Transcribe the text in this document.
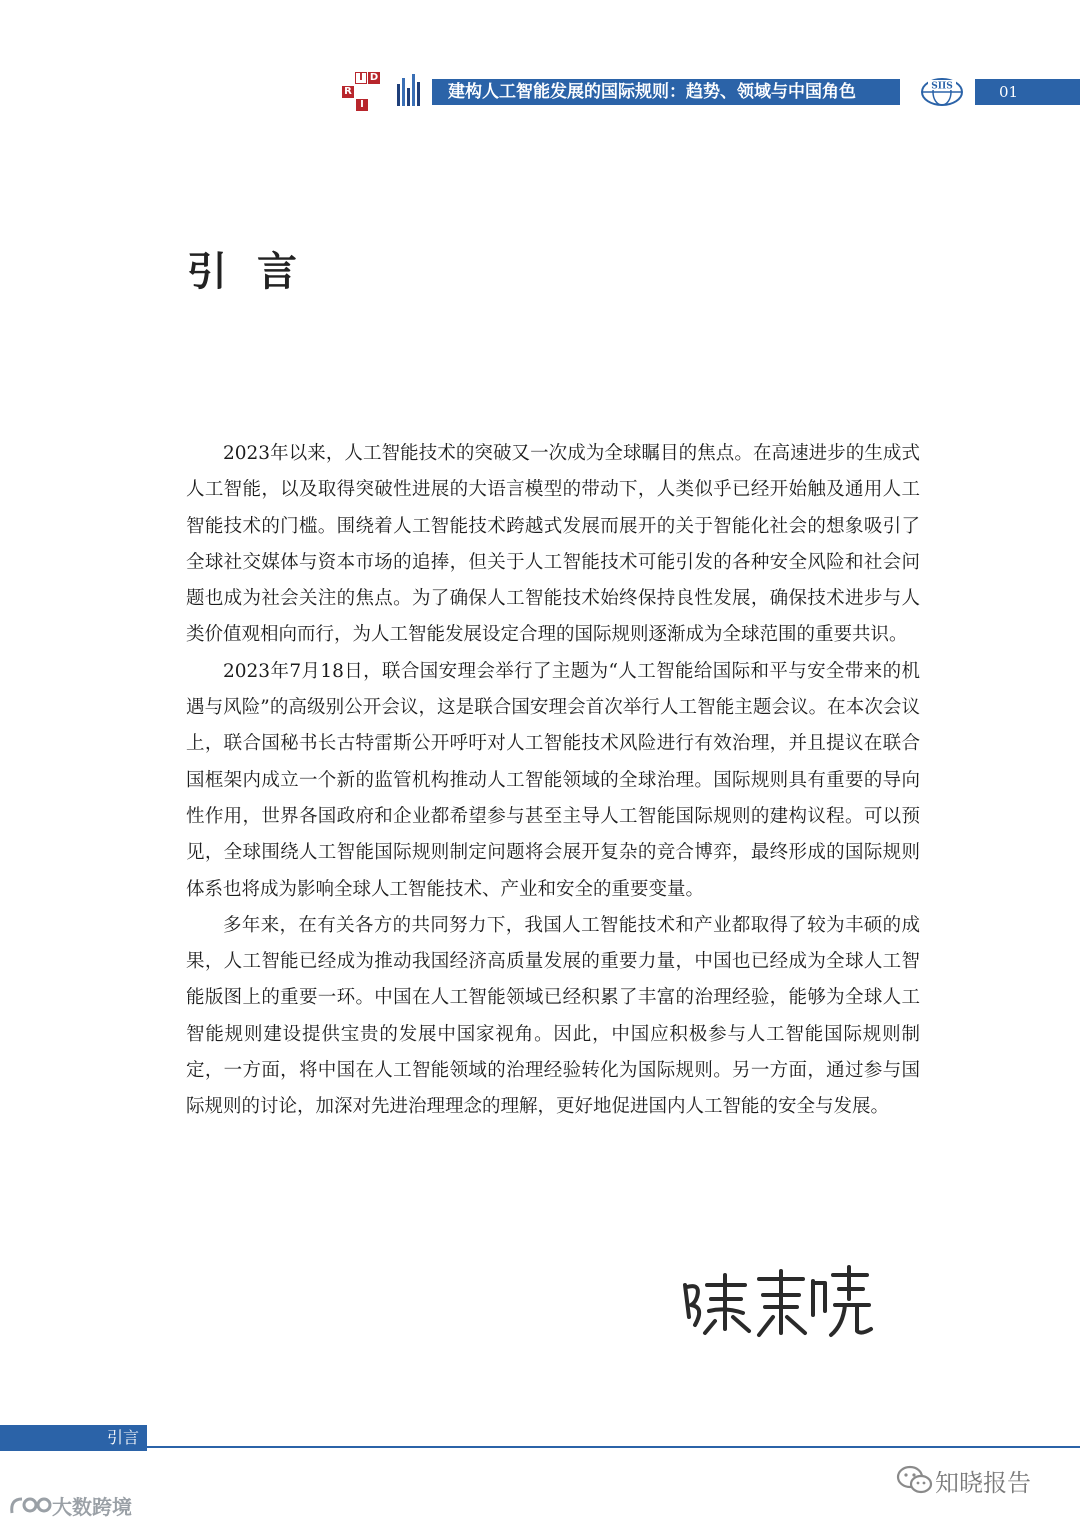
I D
R
I
建构人工智能发展的国际规则：趋势、领域与中国角色	SIIS	01
引言

2023年以来，人工智能技术的突破又一次成为全球瞩目的焦点。在高速进步的生成式人工智能，以及取得突破性进展的大语言模型的带动下，人类似乎已经开始触及通用人工智能技术的门槛。围绕着人工智能技术跨越式发展而展开的关于智能化社会的想象吸引了全球社交媒体与资本市场的追捧，但关于人工智能技术可能引发的各种安全风险和社会问题也成为社会关注的焦点。为了确保人工智能技术始终保持良性发展，确保技术进步与人类价值观相向而行，为人工智能发展设定合理的国际规则逐渐成为全球范围的重要共识。

2023年7月18日，联合国安理会举行了主题为“人工智能给国际和平与安全带来的机遇与风险”的高级别公开会议，这是联合国安理会首次举行人工智能主题会议。在本次会议上，联合国秘书长古特雷斯公开呼吁对人工智能技术风险进行有效治理，并且提议在联合国框架内成立一个新的监管机构推动人工智能领域的全球治理。国际规则具有重要的导向性作用，世界各国政府和企业都希望参与甚至主导人工智能国际规则的建构议程。可以预见，全球围绕人工智能国际规则制定问题将会展开复杂的竞合博弈，最终形成的国际规则体系也将成为影响全球人工智能技术、产业和安全的重要变量。

多年来，在有关各方的共同努力下，我国人工智能技术和产业都取得了较为丰硕的成果，人工智能已经成为推动我国经济高质量发展的重要力量，中国也已经成为全球人工智能版图上的重要一环。中国在人工智能领域已经积累了丰富的治理经验，能够为全球人工智能规则建设提供宝贵的发展中国家视角。因此，中国应积极参与人工智能国际规则制定，一方面，将中国在人工智能领域的治理经验转化为国际规则。另一方面，通过参与国际规则的讨论，加深对先进治理理念的理解，更好地促进国内人工智能的安全与发展。

引言
大数跨境
知晓报告
